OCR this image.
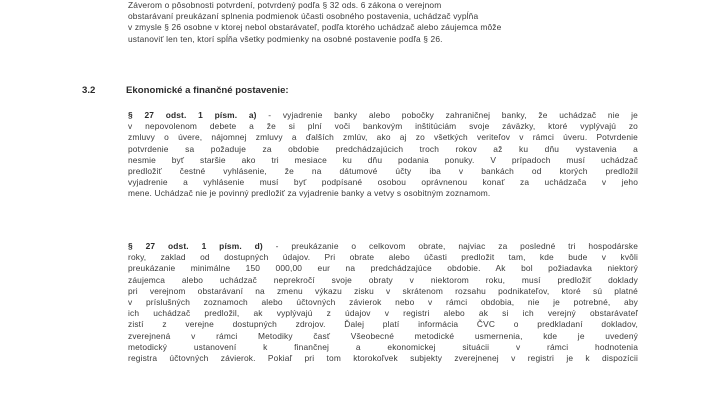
Záverom o pôsobnosti potvrdení, potvrdený podľa § 32 ods. 6 zákona o verejnom
obstarávaní preukázaní splnenia podmienok účasti osobného postavenia, uchádzač vypĺňa
v zmysle § 26 osobne v ktorej nebol obstarávateľ, podľa ktorého uchádzač alebo záujemca môže
ustanoviť len ten, ktorí spĺňa všetky podmienky na osobné postavenie podľa § 26.
3.2	Ekonomické a finančné postavenie:
§ 27 odst. 1 písm. a) - vyjadrenie banky alebo pobočky zahraničnej banky, že uchádzač nie je
v nepovolenom debete a že si plní voči bankovým inštitúciám svoje záväzky, ktoré vyplývajú zo
zmluvy o úvere, nájomnej zmluvy a ďalších zmlúv, ako aj zo všetkých veriteľov v rámci úveru. Potvrdenie
potvrdenie sa požaduje za obdobie predchádzajúcich troch rokov až ku dňu vystavenia a
nesmie byť staršie ako tri mesiace ku dňu podania ponuky. V prípadoch musí uchádzač
predložiť čestné vyhlásenie, že na dátumové účty iba v bankách od ktorých predložil
vyjadrenie a vyhlásenie musí byť podpísané osobou oprávnenou konať za uchádzača v jeho
mene. Uchádzač nie je povinný predložiť za vyjadrenie banky a vetvy s osobitným zoznamom.
§ 27 odst. 1 písm. d) - preukázanie o celkovom obrate, najviac za posledné tri hospodárske
roky, zaklad od dostupných údajov. Pri obrate alebo účasti predložit tam, kde bude v kvôli
preukázanie minimálne 150 000,00 eur na predchádzajúce obdobie. Ak bol požiadavka niektorý
záujemca alebo uchádzač neprekročí svoje obraty v niektorom roku, musí predložiť doklady
pri verejnom obstarávaní na zmenu výkazu zisku v skrátenom rozsahu podnikateľov, ktoré sú platné
v príslušných zoznamoch alebo účtovných závierok nebo v rámci obdobia, nie je potrebné, aby
ich uchádzač predložil, ak vyplývajú z údajov v registri alebo ak si ich verejný obstarávateľ
zistí z verejne dostupných zdrojov. Ďalej platí informácia ČVC o predkladaní dokladov,
zverejnená v rámci Metodiky časť Všeobecné metodické usmernenia, kde je uvedený
metodický ustanovení k finančnej a ekonomickej situácii v rámci hodnotenia
registra účtovných závierok. Pokiaľ pri tom ktorokoľvek subjekty zverejnenej v registri je k dispozícii
